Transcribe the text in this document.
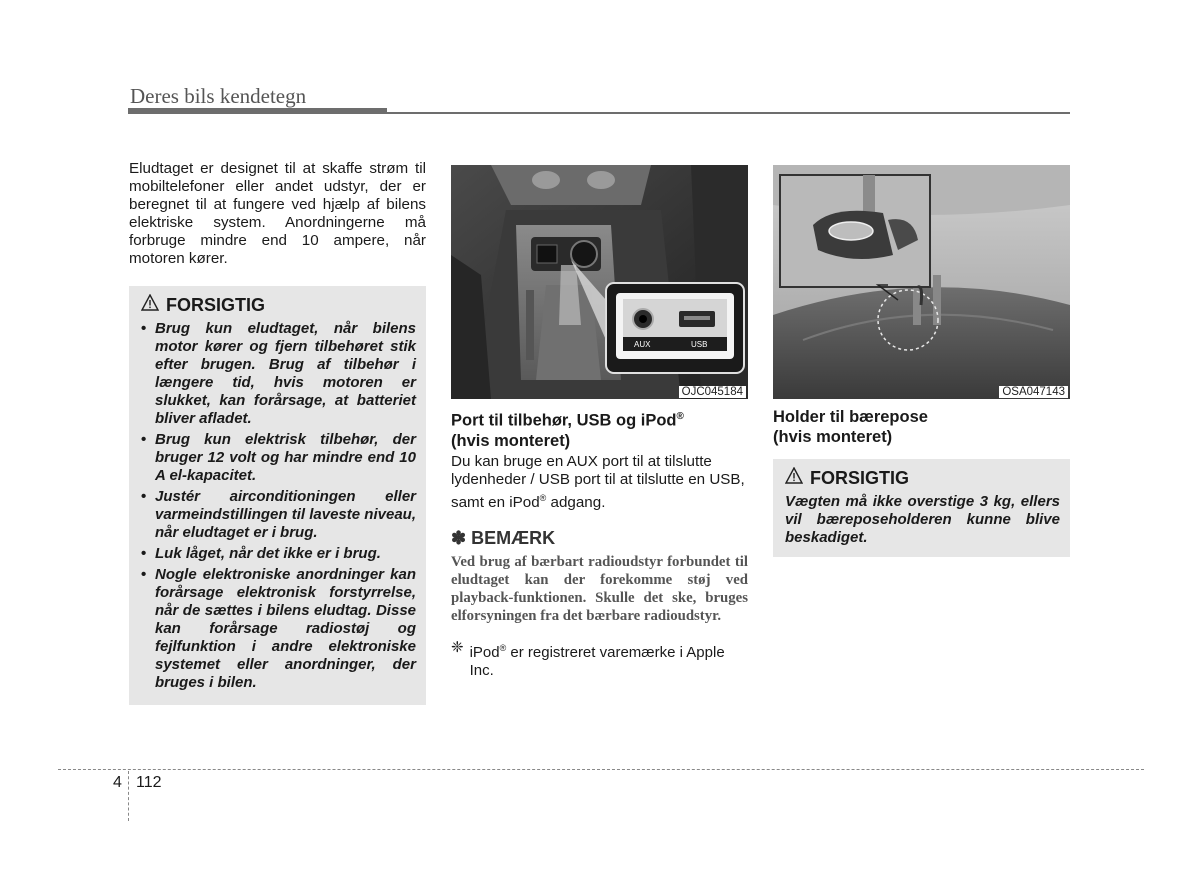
Deres bils kendetegn

Eludtaget er designet til at skaffe strøm til mobiltelefoner eller andet udstyr, der er beregnet til at fungere ved hjælp af bilens elektriske system. Anordningerne må forbruge mindre end 10 ampere, når motoren kører.

FORSIGTIG
• Brug kun eludtaget, når bilens motor kører og fjern tilbehøret stik efter brugen. Brug af tilbehør i længere tid, hvis motoren er slukket, kan forårsage, at batteriet bliver afladet.
• Brug kun elektrisk tilbehør, der bruger 12 volt og har mindre end 10 A el-kapacitet.
• Justér airconditioningen eller varmeindstillingen til laveste niveau, når eludtaget er i brug.
• Luk låget, når det ikke er i brug.
• Nogle elektroniske anordninger kan forårsage elektronisk forstyrrelse, når de sættes i bilens eludtag. Disse kan forårsage radiostøj og fejlfunktion i andre elektroniske systemet eller anordninger, der bruges i bilen.
AUX	USB
OJC045184
Port til tilbehør, USB og iPod®
(hvis monteret)

Du kan bruge en AUX port til at tilslutte lydenheder / USB port til at tilslutte en USB, samt en iPod® adgang.

✽ BEMÆRK

Ved brug af bærbart radioudstyr forbundet til eludtaget kan der forekomme støj ved playback-funktionen. Skulle det ske, bruges elforsyningen fra det bærbare radioudstyr.

❈ iPod® er registreret varemærke i Apple Inc.
OSA047143
Holder til bærepose
(hvis monteret)
FORSIGTIG

Vægten må ikke overstige 3 kg, ellers vil bæreposeholderen kunne blive beskadiget.

4 112
